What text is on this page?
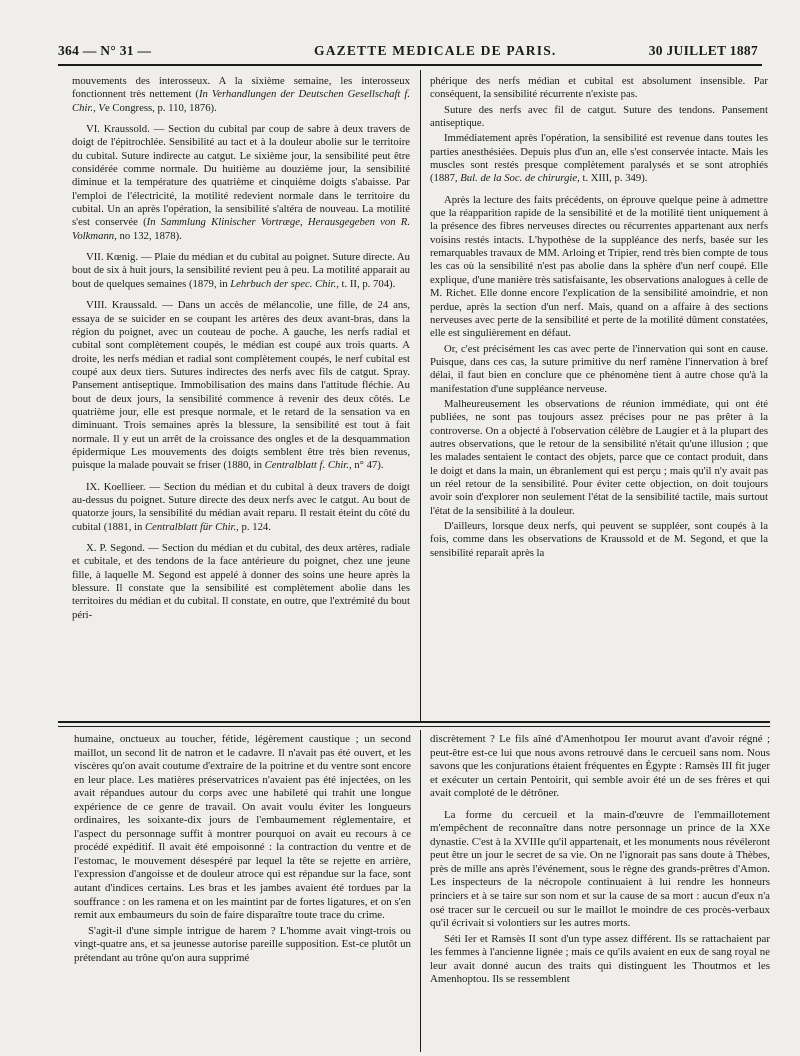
364 — N° 31 —	GAZETTE MEDICALE DE PARIS.	30 JUILLET 1887

mouvements des interosseux. A la sixième semaine, les interosseux fonctionnent très nettement (In Verhandlungen der Deutschen Gesellschaft f. Chir., Ve Congress, p. 110, 1876).

VI. Kraussold. — Section du cubital par coup de sabre à deux travers de doigt de l'épitrochlée. Sensibilité au tact et à la douleur abolie sur le territoire du cubital. Suture indirecte au catgut. Le sixième jour, la sensibilité peut être considérée comme normale. Du huitième au douzième jour, la sensibilité diminue et la température des quatrième et cinquième doigts s'abaisse. Par l'emploi de l'électricité, la motilité redevient normale dans le territoire du cubital. Un an après l'opération, la sensibilité s'altéra de nouveau. La motilité s'est conservée (In Sammlung Klinischer Vortræge, Herausgegeben von R. Volkmann, no 132, 1878).

VII. Kœnig. — Plaie du médian et du cubital au poignet. Suture directe. Au bout de six à huit jours, la sensibilité revient peu à peu. La motilité apparait au bout de quelques semaines (1879, in Lehrbuch der spec. Chir., t. II, p. 704).

VIII. Kraussald. — Dans un accès de mélancolie, une fille, de 24 ans, essaya de se suicider en se coupant les artères des deux avant-bras, dans la région du poignet, avec un couteau de poche. A gauche, les nerfs radial et cubital sont complètement coupés, le médian est coupé aux trois quarts. A droite, les nerfs médian et radial sont complètement coupés, le nerf cubital est coupé aux deux tiers. Sutures indirectes des nerfs avec fils de catgut. Spray. Pansement antiseptique. Immobilisation des mains dans l'attitude fléchie. Au bout de deux jours, la sensibilité commence à revenir des deux côtés. Le quatrième jour, elle est presque normale, et le retard de la sensation va en diminuant. Trois semaines après la blessure, la sensibilité est tout à fait normale. Il y eut un arrêt de la croissance des ongles et de la desquammation épidermique Les mouvements des doigts semblent être très bien revenus, puisque la malade pouvait se friser (1880, in Centralblatt f. Chir., n° 47).

IX. Koellieer. — Section du médian et du cubital à deux travers de doigt au-dessus du poignet. Suture directe des deux nerfs avec le catgut. Au bout de quatorze jours, la sensibilité du médian avait reparu. Il restait éteint du côté du cubital (1881, in Centralblatt für Chir., p. 124.

X. P. Segond. — Section du médian et du cubital, des deux artères, radiale et cubitale, et des tendons de la face antérieure du poignet, chez une jeune fille, à laquelle M. Segond est appelé à donner des soins une heure après la blessure. Il constate que la sensibilité est complètement abolie dans les territoires du médian et du cubital. Il constate, en outre, que l'extrémité du bout péri-

phérique des nerfs médian et cubital est absolument insensible. Par conséquent, la sensibilité récurrente n'existe pas.

Suture des nerfs avec fil de catgut. Suture des tendons. Pansement antiseptique.

Immédiatement après l'opération, la sensibilité est revenue dans toutes les parties anesthésiées. Depuis plus d'un an, elle s'est conservée intacte. Mais les muscles sont restés presque complètement paralysés et se sont atrophiés (1887, Bul. de la Soc. de chirurgie, t. XIII, p. 349).

Après la lecture des faits précédents, on éprouve quelque peine à admettre que la réapparition rapide de la sensibilité et de la motilité tient uniquement à la présence des fibres nerveuses directes ou récurrentes appartenant aux nerfs voisins restés intacts. L'hypothèse de la suppléance des nerfs, basée sur les remarquables travaux de MM. Arloing et Tripier, rend très bien compte de tous les cas où la sensibilité n'est pas abolie dans la sphère d'un nerf coupé. Elle explique, d'une manière très satisfaisante, les observations analogues à celle de M. Richet. Elle donne encore l'explication de la sensibilité amoindrie, et non perdue, après la section d'un nerf. Mais, quand on a affaire à des sections nerveuses avec perte de la sensibilité et perte de la motilité dûment constatées, elle est singulièrement en défaut.

Or, c'est précisément les cas avec perte de l'innervation qui sont en cause. Puisque, dans ces cas, la suture primitive du nerf ramène l'innervation à bref délai, il faut bien en conclure que ce phénomène tient à autre chose qu'à la manifestation d'une suppléance nerveuse.

Malheureusement les observations de réunion immédiate, qui ont été publiées, ne sont pas toujours assez précises pour ne pas prêter à la controverse. On a objecté à l'observation célèbre de Laugier et à la plupart des autres observations, que le retour de la sensibilité n'était qu'une illusion ; que les malades sentaient le contact des objets, parce que ce contact produit, dans le doigt et dans la main, un ébranlement qui est perçu ; mais qu'il n'y avait pas un réel retour de la sensibilité. Pour éviter cette objection, on doit toujours avoir soin d'explorer non seulement l'état de la sensibilité tactile, mais surtout l'état de la sensibilité à la douleur.

D'ailleurs, lorsque deux nerfs, qui peuvent se suppléer, sont coupés à la fois, comme dans les observations de Kraussold et de M. Segond, et que la sensibilité reparaît après la

humaine, onctueux au toucher, fétide, légèrement caustique ; un second maillot, un second lit de natron et le cadavre. Il n'avait pas été ouvert, et les viscères qu'on avait coutume d'extraire de la poitrine et du ventre sont encore en leur place. Les matières préservatrices n'avaient pas été injectées, on les avait répandues autour du corps avec une habileté qui trahit une longue expérience de ce genre de travail. On avait voulu éviter les longueurs ordinaires, les soixante-dix jours de l'embaumement réglementaire, et l'aspect du personnage suffit à montrer pourquoi on avait eu recours à ce procédé expéditif. Il avait été empoisonné : la contraction du ventre et de l'estomac, le mouvement désespéré par lequel la tête se rejette en arrière, l'expression d'angoisse et de douleur atroce qui est répandue sur la face, sont autant d'indices certains. Les bras et les jambes avaient été tordues par la souffrance : on les ramena et on les maintint par de fortes ligatures, et on s'en remit aux embaumeurs du soin de faire disparaître toute trace du crime.

S'agit-il d'une simple intrigue de harem ? L'homme avait vingt-trois ou vingt-quatre ans, et sa jeunesse autorise pareille supposition. Est-ce plutôt un prétendant au trône qu'on aura supprimé

discrètement ? Le fils aîné d'Amenhotpou Ier mourut avant d'avoir régné ; peut-être est-ce lui que nous avons retrouvé dans le cercueil sans nom. Nous savons que les conjurations étaient fréquentes en Égypte : Ramsès III fit juger et exécuter un certain Pentoirit, qui semble avoir été un de ses frères et qui avait comploté de le détrôner.

La forme du cercueil et la main-d'œuvre de l'emmaillotement m'empêchent de reconnaître dans notre personnage un prince de la XXe dynastie. C'est à la XVIIIe qu'il appartenait, et les monuments nous révéleront peut être un jour le secret de sa vie. On ne l'ignorait pas sans doute à Thèbes, près de mille ans après l'événement, sous le règne des grands-prêtres d'Amon. Les inspecteurs de la nécropole continuaient à lui rendre les honneurs princiers et à se taire sur son nom et sur la cause de sa mort : aucun d'eux n'a osé tracer sur le cercueil ou sur le maillot le moindre de ces procès-verbaux qu'il écrivait si volontiers sur les autres morts.

Séti Ier et Ramsès II sont d'un type assez différent. Ils se rattachaient par les femmes à l'ancienne lignée ; mais ce qu'ils avaient en eux de sang royal ne leur avait donné aucun des traits qui distinguent les Thoutmos et les Amenhoptou. Ils se ressemblent
